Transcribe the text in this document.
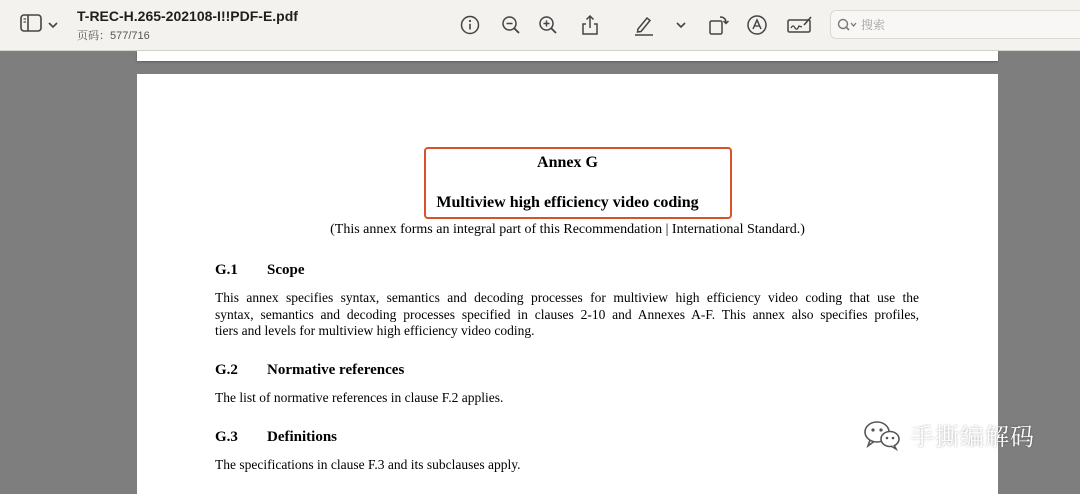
T-REC-H.265-202108-I!!PDF-E.pdf
页码：577/716
搜索
Annex G
Multiview high efficiency video coding
(This annex forms an integral part of this Recommendation | International Standard.)
G.1 Scope
This annex specifies syntax, semantics and decoding processes for multiview high efficiency video coding that use the
syntax, semantics and decoding processes specified in clauses 2-10 and Annexes A-F. This annex also specifies profiles,
tiers and levels for multiview high efficiency video coding.
G.2 Normative references
The list of normative references in clause F.2 applies.
G.3 Definitions
The specifications in clause F.3 and its subclauses apply.
手撕编解码
